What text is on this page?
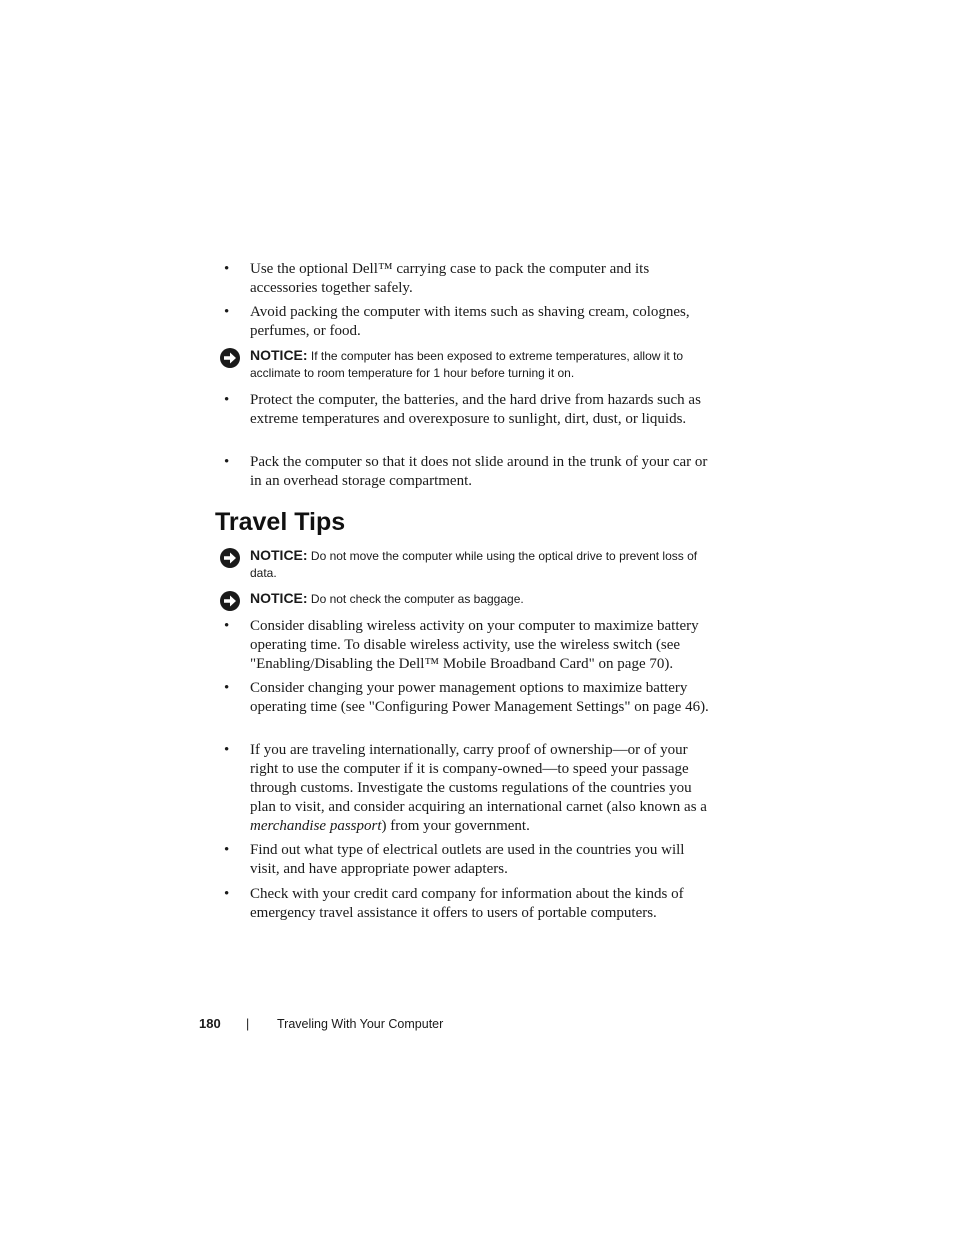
• Use the optional Dell™ carrying case to pack the computer and its accessories together safely.
• Avoid packing the computer with items such as shaving cream, colognes, perfumes, or food.
NOTICE: If the computer has been exposed to extreme temperatures, allow it to acclimate to room temperature for 1 hour before turning it on.
• Protect the computer, the batteries, and the hard drive from hazards such as extreme temperatures and overexposure to sunlight, dirt, dust, or liquids.
• Pack the computer so that it does not slide around in the trunk of your car or in an overhead storage compartment.
Travel Tips
NOTICE: Do not move the computer while using the optical drive to prevent loss of data.
NOTICE: Do not check the computer as baggage.
• Consider disabling wireless activity on your computer to maximize battery operating time. To disable wireless activity, use the wireless switch (see "Enabling/Disabling the Dell™ Mobile Broadband Card" on page 70).
• Consider changing your power management options to maximize battery operating time (see "Configuring Power Management Settings" on page 46).
• If you are traveling internationally, carry proof of ownership—or of your right to use the computer if it is company-owned—to speed your passage through customs. Investigate the customs regulations of the countries you plan to visit, and consider acquiring an international carnet (also known as a merchandise passport) from your government.
• Find out what type of electrical outlets are used in the countries you will visit, and have appropriate power adapters.
• Check with your credit card company for information about the kinds of emergency travel assistance it offers to users of portable computers.
180 | Traveling With Your Computer
